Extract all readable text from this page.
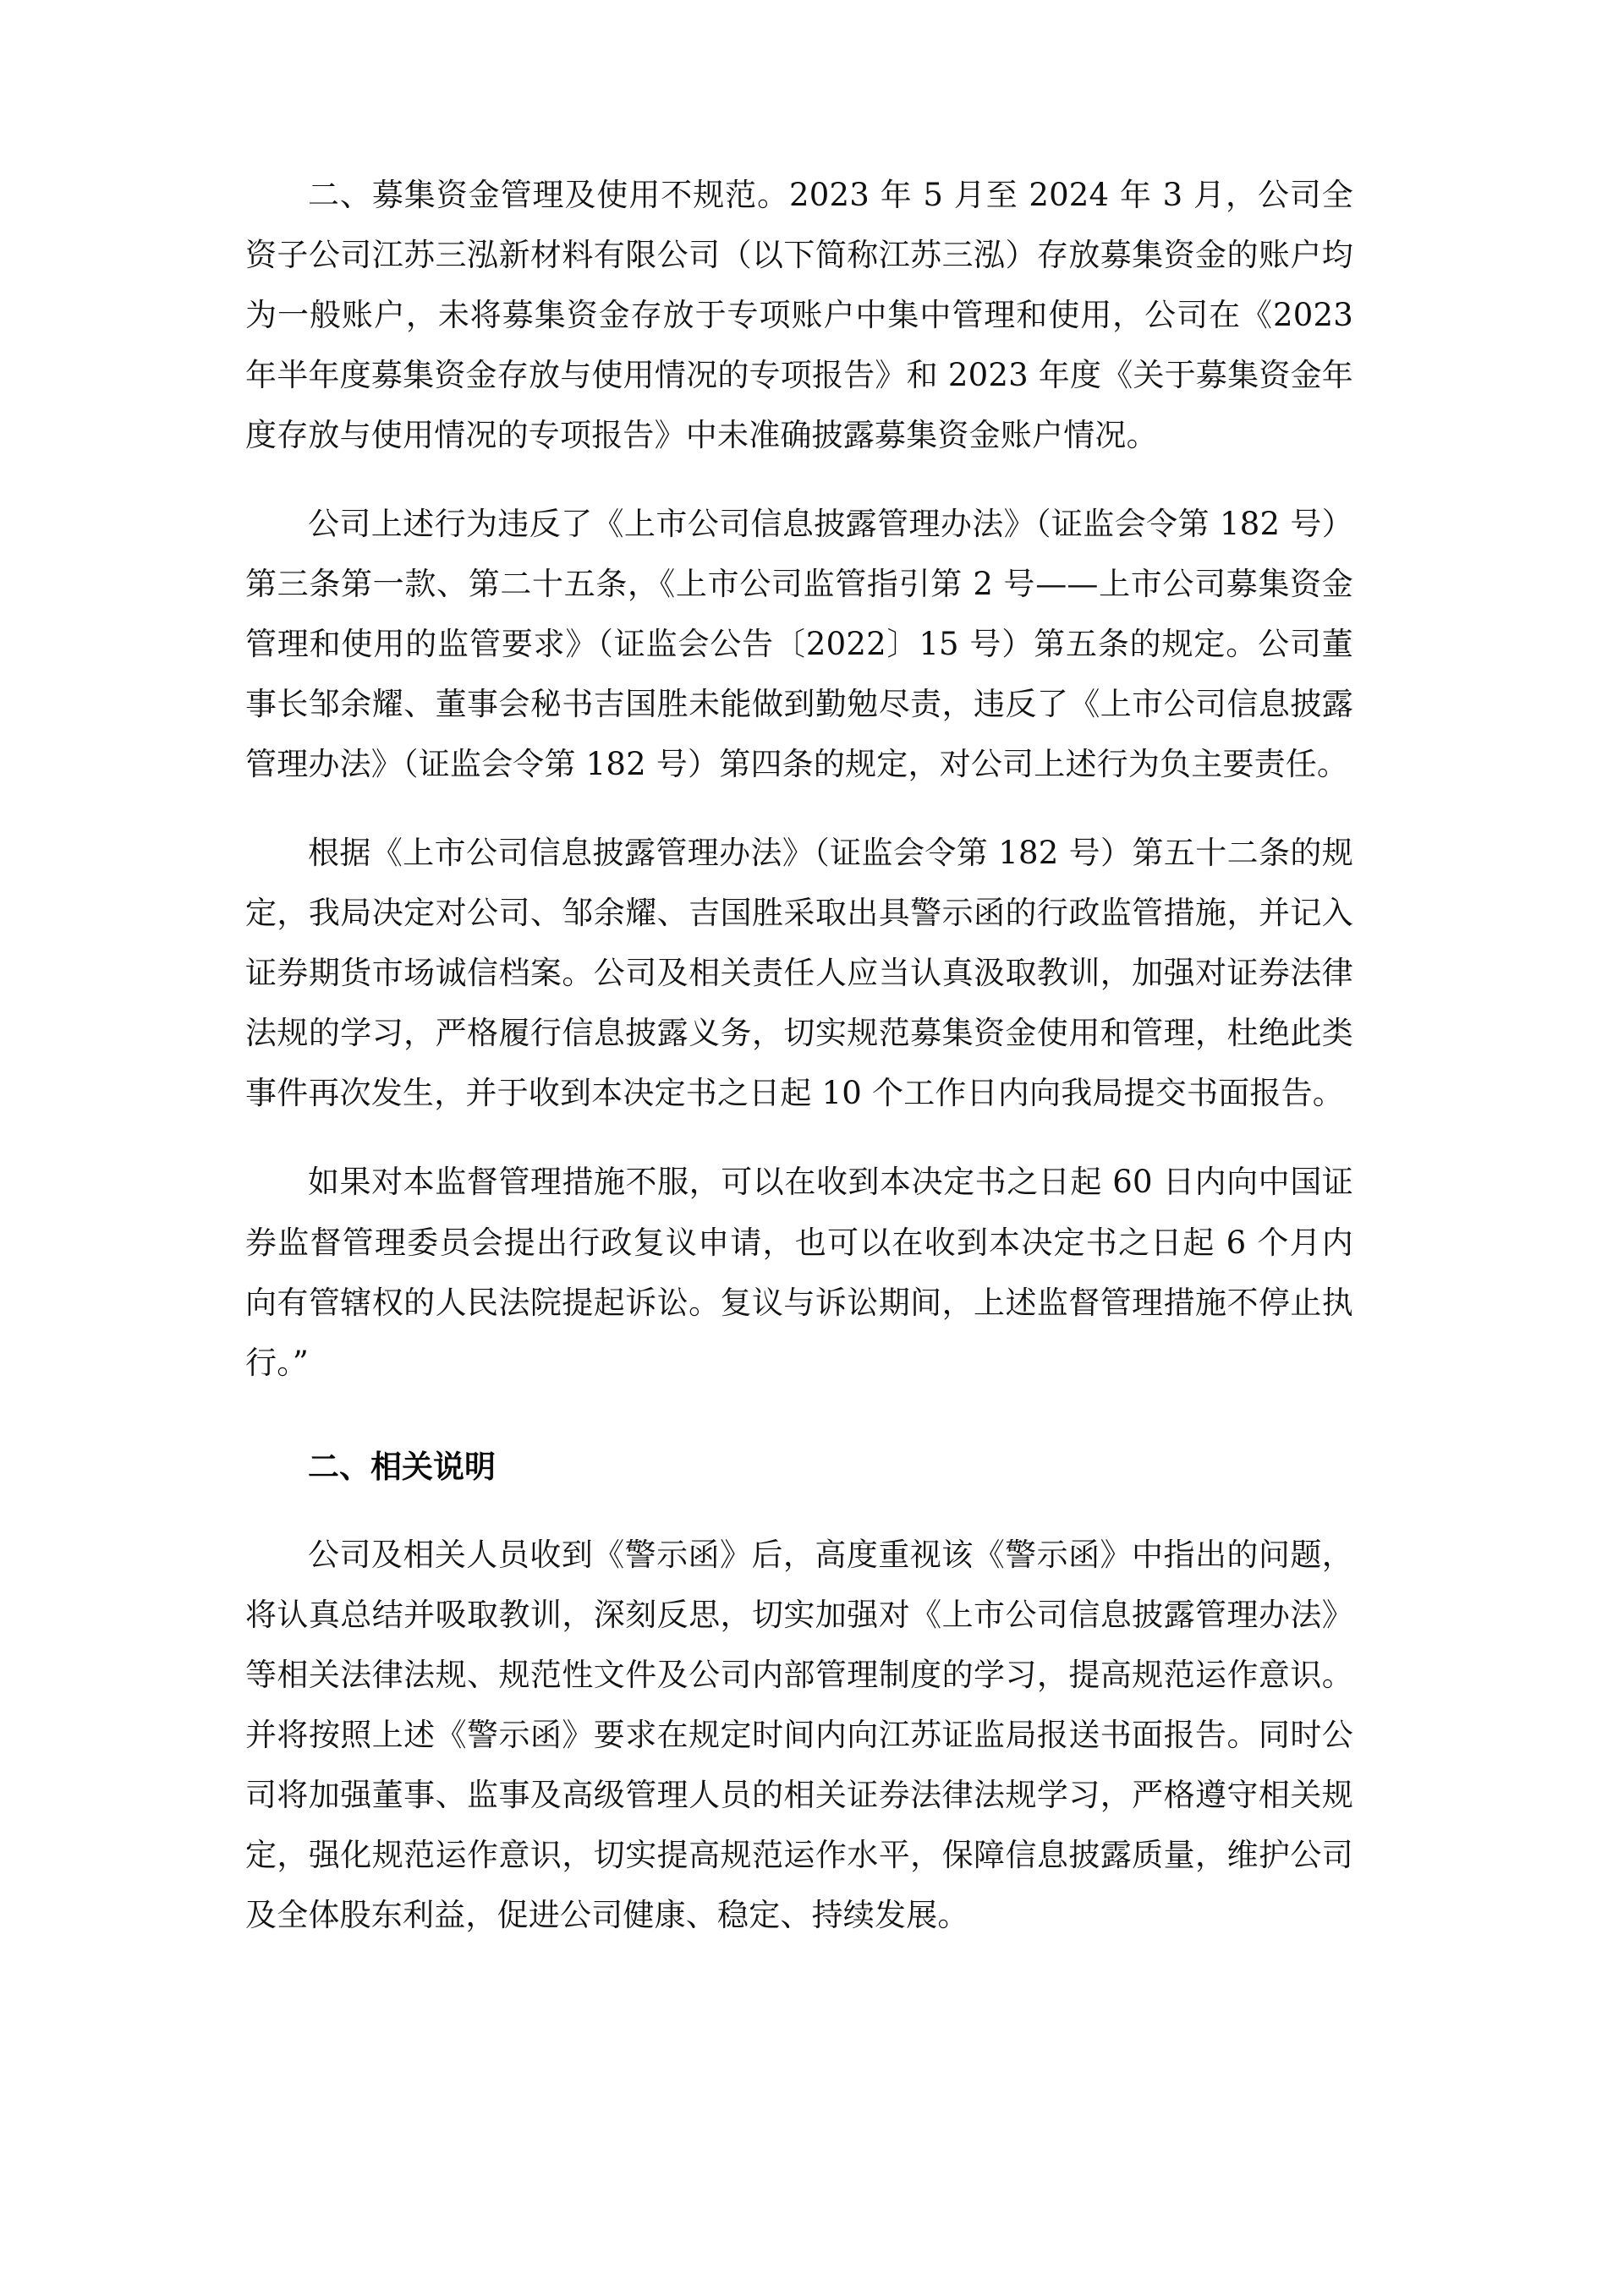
二、募集资金管理及使用不规范。2023 年 5 月至 2024 年 3 月，公司全资子公司江苏三泓新材料有限公司（以下简称江苏三泓）存放募集资金的账户均为一般账户，未将募集资金存放于专项账户中集中管理和使用，公司在《2023 年半年度募集资金存放与使用情况的专项报告》和 2023 年度《关于募集资金年度存放与使用情况的专项报告》中未准确披露募集资金账户情况。

公司上述行为违反了《上市公司信息披露管理办法》（证监会令第 182 号）第三条第一款、第二十五条，《上市公司监管指引第 2 号——上市公司募集资金管理和使用的监管要求》（证监会公告〔2022〕15 号）第五条的规定。公司董事长邹余耀、董事会秘书吉国胜未能做到勤勉尽责，违反了《上市公司信息披露管理办法》（证监会令第 182 号）第四条的规定，对公司上述行为负主要责任。

根据《上市公司信息披露管理办法》（证监会令第 182 号）第五十二条的规定，我局决定对公司、邹余耀、吉国胜采取出具警示函的行政监管措施，并记入证券期货市场诚信档案。公司及相关责任人应当认真汲取教训，加强对证券法律法规的学习，严格履行信息披露义务，切实规范募集资金使用和管理，杜绝此类事件再次发生，并于收到本决定书之日起 10 个工作日内向我局提交书面报告。

如果对本监督管理措施不服，可以在收到本决定书之日起 60 日内向中国证券监督管理委员会提出行政复议申请，也可以在收到本决定书之日起 6 个月内向有管辖权的人民法院提起诉讼。复议与诉讼期间，上述监督管理措施不停止执行。”

二、相关说明

公司及相关人员收到《警示函》后，高度重视该《警示函》中指出的问题，将认真总结并吸取教训，深刻反思，切实加强对《上市公司信息披露管理办法》等相关法律法规、规范性文件及公司内部管理制度的学习，提高规范运作意识。并将按照上述《警示函》要求在规定时间内向江苏证监局报送书面报告。同时公司将加强董事、监事及高级管理人员的相关证券法律法规学习，严格遵守相关规定，强化规范运作意识，切实提高规范运作水平，保障信息披露质量，维护公司及全体股东利益，促进公司健康、稳定、持续发展。
